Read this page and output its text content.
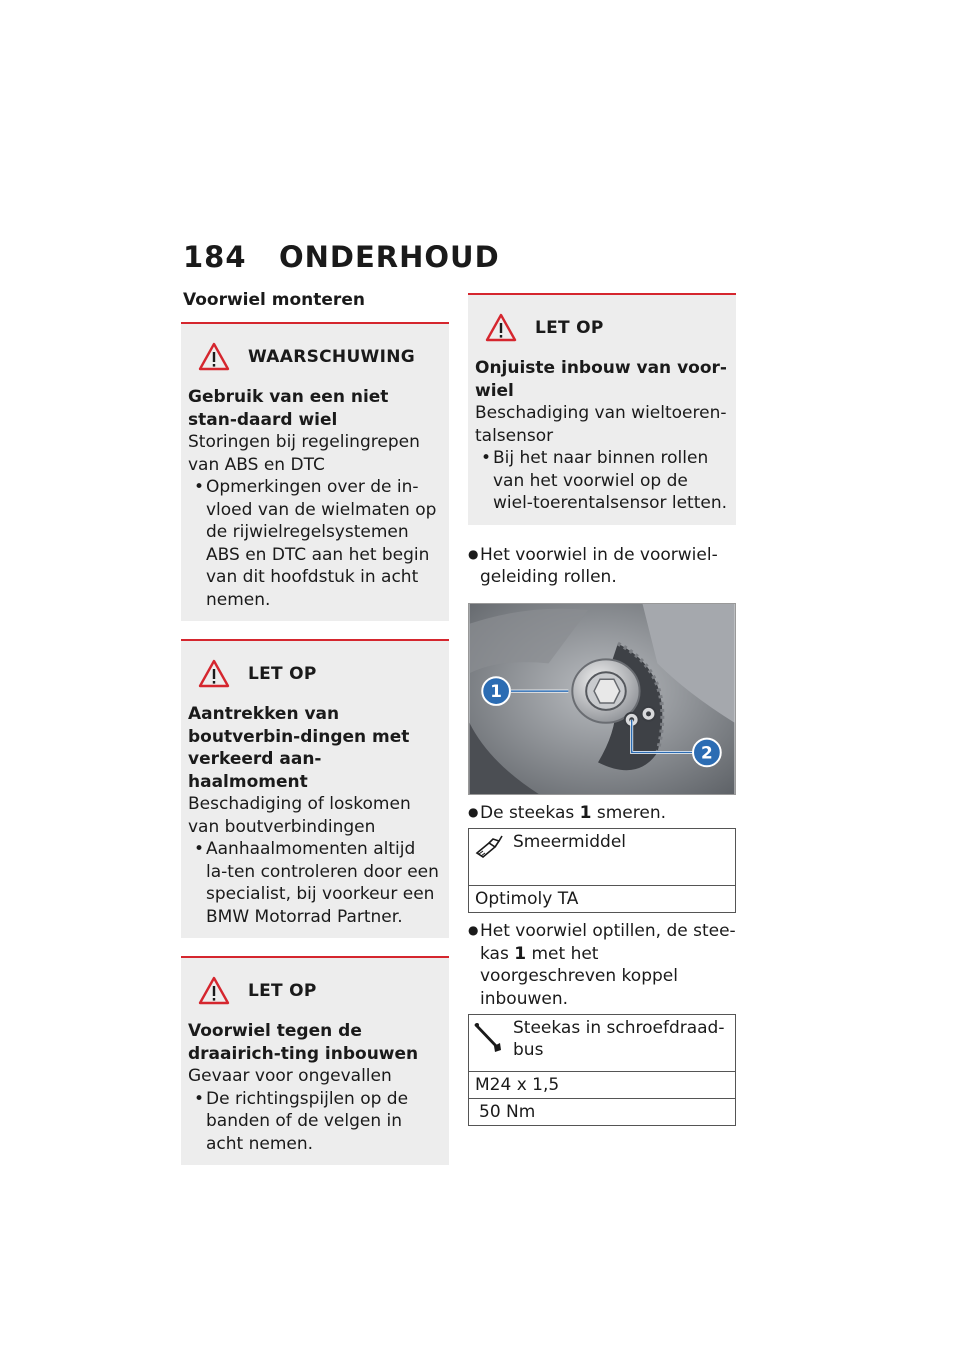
184	ONDERHOUD
Voorwiel monteren
WAARSCHUWING
Gebruik van een niet stan-daard wiel
Storingen bij regelingrepen van ABS en DTC
• Opmerkingen over de in-vloed van de wielmaten op de rijwielregelsystemen ABS en DTC aan het begin van dit hoofdstuk in acht nemen.
LET OP
Aantrekken van boutverbin-dingen met verkeerd aan-haalmoment
Beschadiging of loskomen van boutverbindingen
• Aanhaalmomenten altijd la-ten controleren door een specialist, bij voorkeur een BMW Motorrad Partner.
LET OP
Voorwiel tegen de draairich-ting inbouwen
Gevaar voor ongevallen
• De richtingspijlen op de banden of de velgen in acht nemen.
LET OP
Onjuiste inbouw van voor-wiel
Beschadiging van wieltoeren-talsensor
• Bij het naar binnen rollen van het voorwiel op de wiel-toerentalsensor letten.
● Het voorwiel in de voorwiel-geleiding rollen.
1
2
● De steekas 1 smeren.
	Smeermiddel
Optimoly TA
● Het voorwiel optillen, de stee-kas 1 met het voorgeschreven koppel inbouwen.
	Steekas in schroefdraad-bus
M24 x 1,5
50 Nm
